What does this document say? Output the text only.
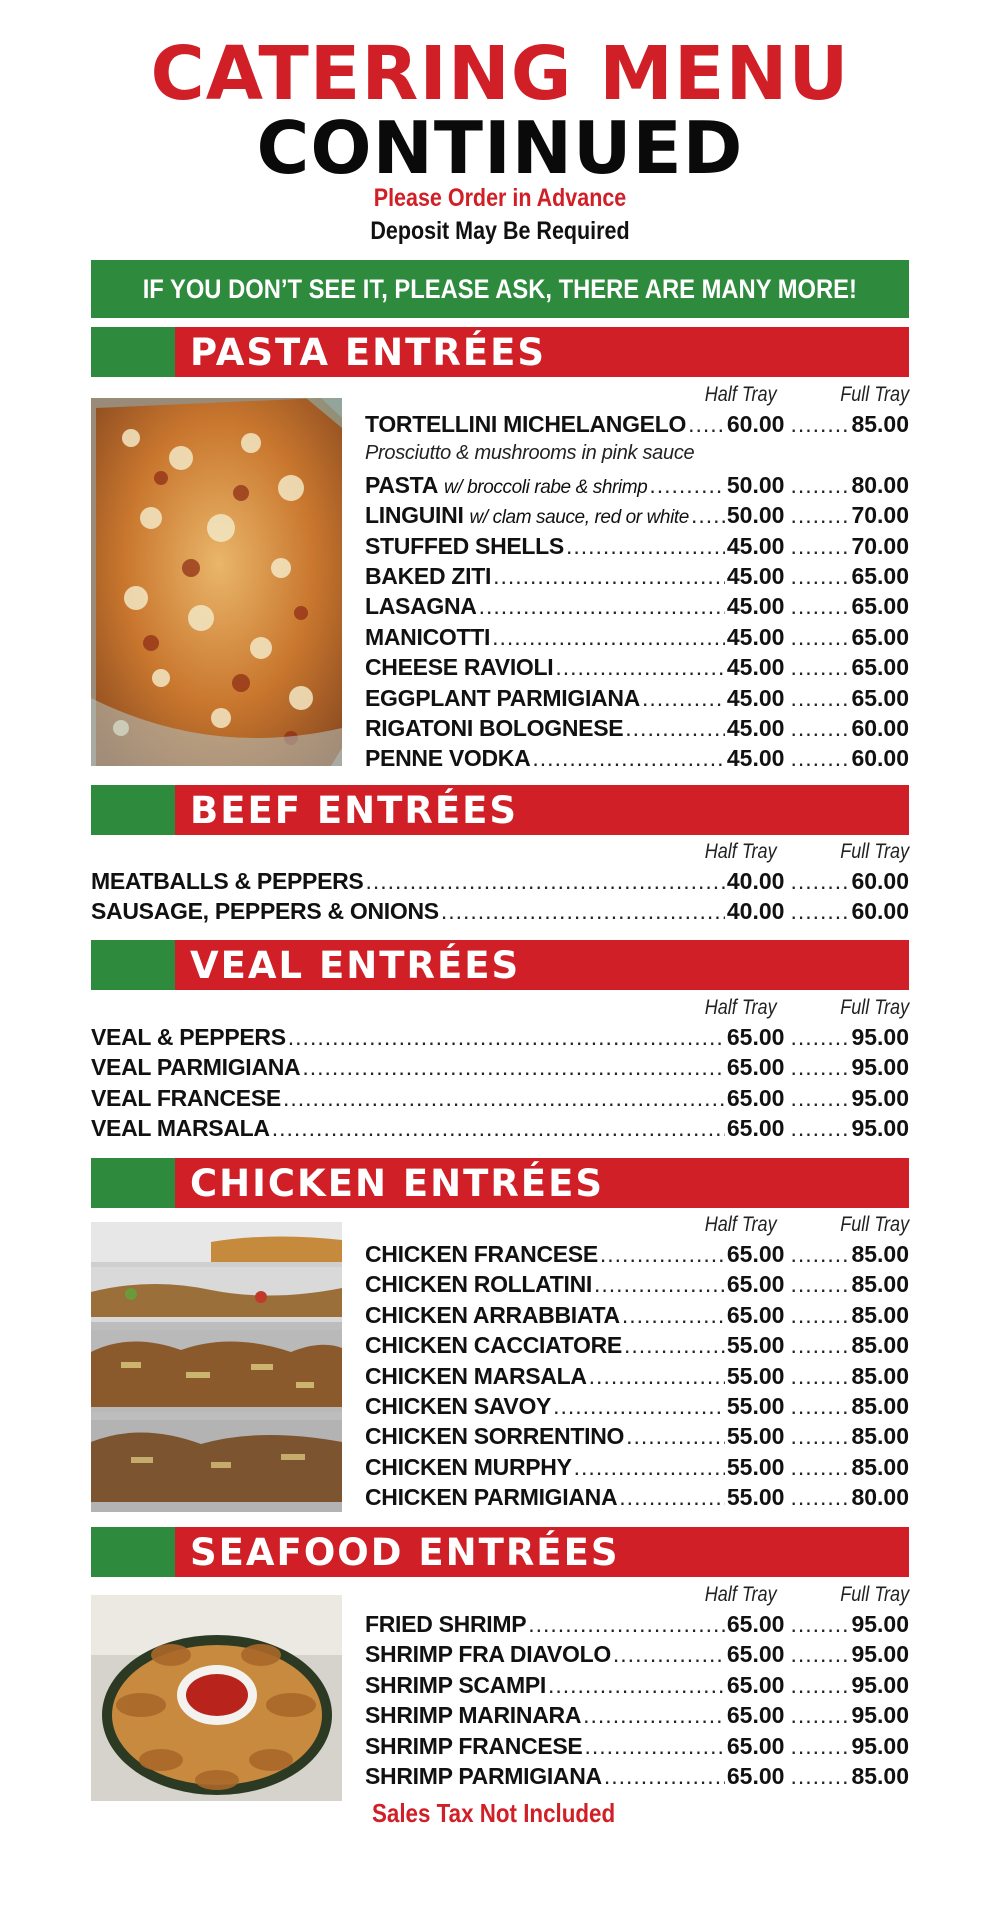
CATERING MENU
CONTINUED
Please Order in Advance
Deposit May Be Required
IF YOU DON’T SEE IT, PLEASE ASK, THERE ARE MANY MORE!
PASTA ENTRÉES
BEEF ENTRÉES
VEAL ENTRÉES
CHICKEN ENTRÉES
SEAFOOD ENTRÉES
Half Tray	Full Tray
Half Tray	Full Tray
Half Tray	Full Tray
Half Tray	Full Tray
Half Tray	Full Tray
Prosciutto & mushrooms in pink sauce
TORTELLINI MICHELANGELO ..... 60.00 .....	85.00
PASTA w/ broccoli rabe & shrimp .....	50.00 .....	80.00
LINGUINI w/ clam sauce, red or white ..... 50.00 .....	70.00
STUFFED SHELLS .....	45.00 .....	70.00
BAKED ZITI .....	45.00 .....	65.00
LASAGNA .....	45.00 .....	65.00
MANICOTTI .....	45.00 .....	65.00
CHEESE RAVIOLI .....	45.00 .....	65.00
EGGPLANT PARMIGIANA .....	45.00 .....	65.00
RIGATONI BOLOGNESE .....	45.00 .....	60.00
PENNE VODKA .....	45.00 .....	60.00
MEATBALLS & PEPPERS .....	40.00 .....	60.00
SAUSAGE, PEPPERS & ONIONS .....	40.00 .....	60.00
VEAL & PEPPERS .....	65.00 .....	95.00
VEAL PARMIGIANA .....	65.00 .....	95.00
VEAL FRANCESE .....	65.00 .....	95.00
VEAL MARSALA .....	65.00 .....	95.00
CHICKEN FRANCESE .....	65.00 .....	85.00
CHICKEN ROLLATINI .....	65.00 .....	85.00
CHICKEN ARRABBIATA .....	65.00 .....	85.00
CHICKEN CACCIATORE .....	55.00 .....	85.00
CHICKEN MARSALA .....	55.00 .....	85.00
CHICKEN SAVOY .....	55.00 .....	85.00
CHICKEN SORRENTINO .....	55.00 .....	85.00
CHICKEN MURPHY .....	55.00 .....	85.00
CHICKEN PARMIGIANA .....	55.00 .....	80.00
FRIED SHRIMP .....	65.00 .....	95.00
SHRIMP FRA DIAVOLO .....	65.00 .....	95.00
SHRIMP SCAMPI .....	65.00 .....	95.00
SHRIMP MARINARA .....	65.00 .....	95.00
SHRIMP FRANCESE .....	65.00 .....	95.00
SHRIMP PARMIGIANA .....	65.00 .....	85.00
Sales Tax Not Included
